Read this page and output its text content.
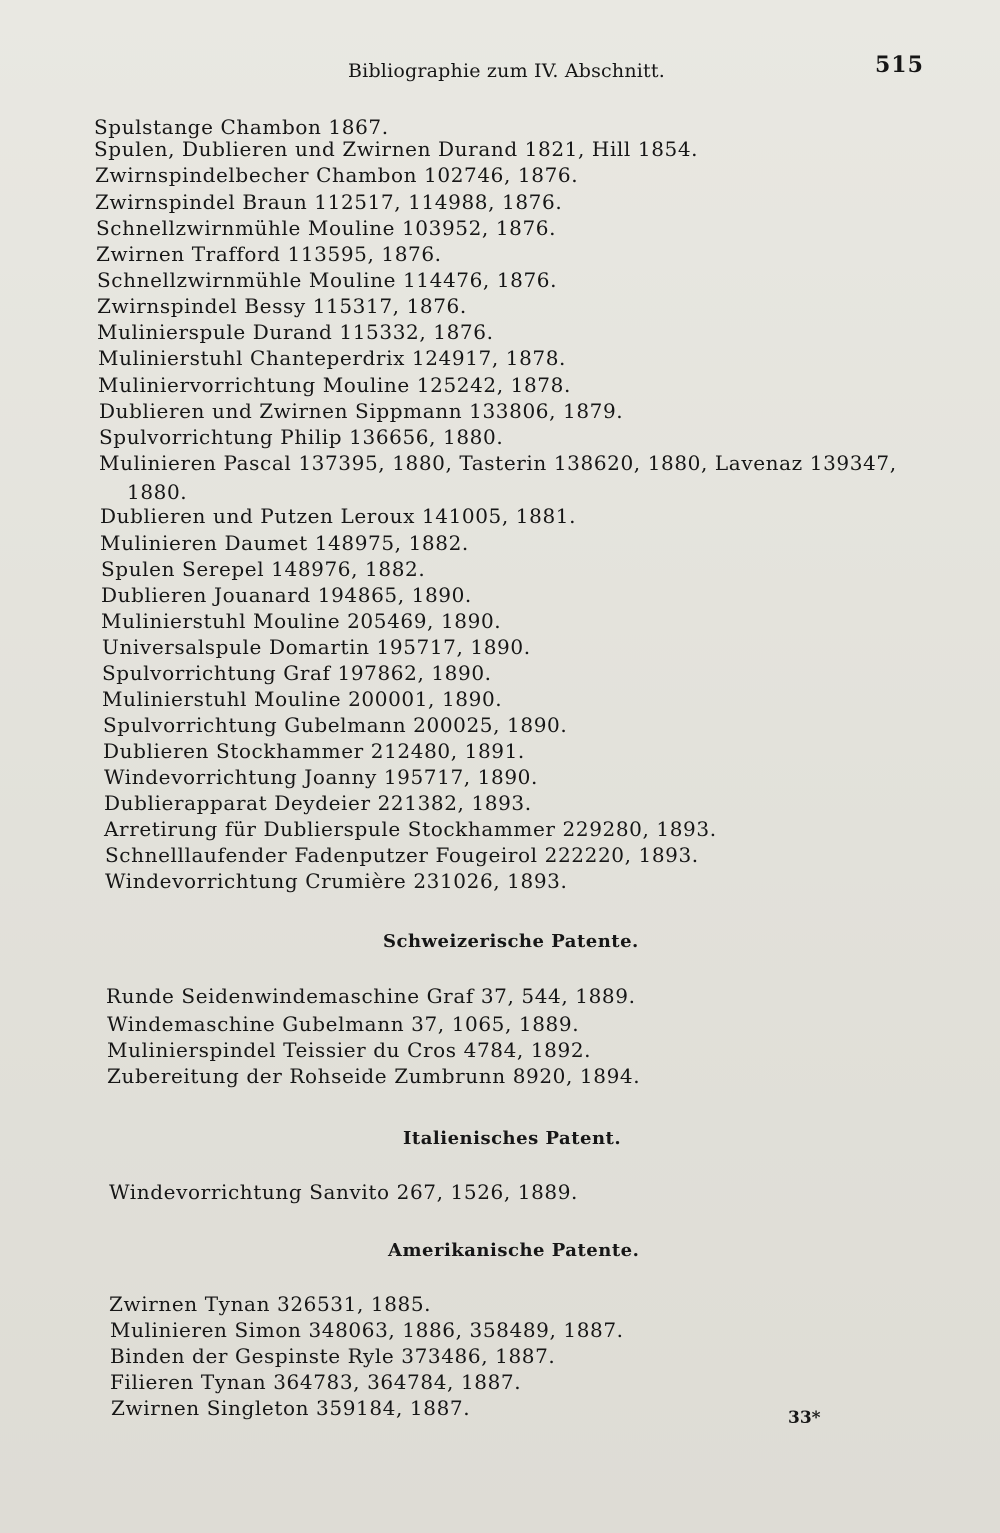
Bibliographie zum IV. Abschnitt.	515
Spulstange Chambon 1867.
Spulen, Dublieren und Zwirnen Durand 1821, Hill 1854.
Zwirnspindelbecher Chambon 102746, 1876.
Zwirnspindel Braun 112517, 114988, 1876.
Schnellzwirnmühle Mouline 103952, 1876.
Zwirnen Trafford 113595, 1876.
Schnellzwirnmühle Mouline 114476, 1876.
Zwirnspindel Bessy 115317, 1876.
Mulinierspule Durand 115332, 1876.
Mulinierstuhl Chanteperdrix 124917, 1878.
Muliniervorrichtung Mouline 125242, 1878.
Dublieren und Zwirnen Sippmann 133806, 1879.
Spulvorrichtung Philip 136656, 1880.
Mulinieren Pascal 137395, 1880, Tasterin 138620, 1880, Lavenaz 139347,
1880.
Dublieren und Putzen Leroux 141005, 1881.
Mulinieren Daumet 148975, 1882.
Spulen Serepel 148976, 1882.
Dublieren Jouanard 194865, 1890.
Mulinierstuhl Mouline 205469, 1890.
Universalspule Domartin 195717, 1890.
Spulvorrichtung Graf 197862, 1890.
Mulinierstuhl Mouline 200001, 1890.
Spulvorrichtung Gubelmann 200025, 1890.
Dublieren Stockhammer 212480, 1891.
Windevorrichtung Joanny 195717, 1890.
Dublierapparat Deydeier 221382, 1893.
Arretirung für Dublierspule Stockhammer 229280, 1893.
Schnelllaufender Fadenputzer Fougeirol 222220, 1893.
Windevorrichtung Crumière 231026, 1893.
Schweizerische Patente.
Runde Seidenwindemaschine Graf 37, 544, 1889.
Windemaschine Gubelmann 37, 1065, 1889.
Mulinierspindel Teissier du Cros 4784, 1892.
Zubereitung der Rohseide Zumbrunn 8920, 1894.
Italienisches Patent.
Windevorrichtung Sanvito 267, 1526, 1889.
Amerikanische Patente.
Zwirnen Tynan 326531, 1885.
Mulinieren Simon 348063, 1886, 358489, 1887.
Binden der Gespinste Ryle 373486, 1887.
Filieren Tynan 364783, 364784, 1887.
Zwirnen Singleton 359184, 1887.	33*
